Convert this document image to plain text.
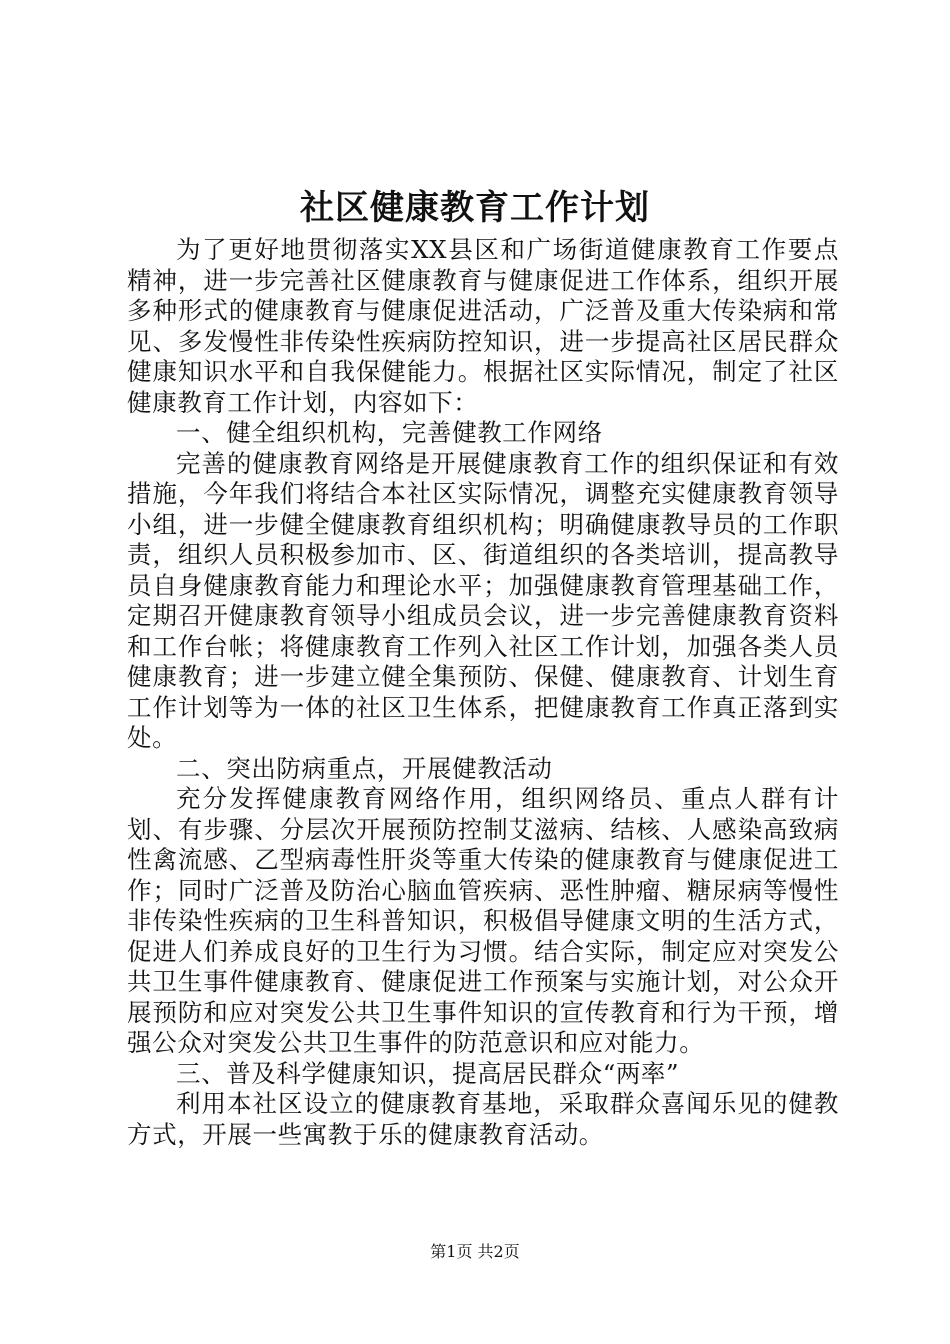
社区健康教育工作计划

为了更好地贯彻落实XX县区和广场街道健康教育工作要点精神，进一步完善社区健康教育与健康促进工作体系，组织开展多种形式的健康教育与健康促进活动，广泛普及重大传染病和常见、多发慢性非传染性疾病防控知识，进一步提高社区居民群众健康知识水平和自我保健能力。根据社区实际情况，制定了社区健康教育工作计划，内容如下：

一、健全组织机构，完善健教工作网络

完善的健康教育网络是开展健康教育工作的组织保证和有效措施，今年我们将结合本社区实际情况，调整充实健康教育领导小组，进一步健全健康教育组织机构；明确健康教导员的工作职责，组织人员积极参加市、区、街道组织的各类培训，提高教导员自身健康教育能力和理论水平；加强健康教育管理基础工作，定期召开健康教育领导小组成员会议，进一步完善健康教育资料和工作台帐；将健康教育工作列入社区工作计划，加强各类人员健康教育；进一步建立健全集预防、保健、健康教育、计划生育工作计划等为一体的社区卫生体系，把健康教育工作真正落到实处。

二、突出防病重点，开展健教活动

充分发挥健康教育网络作用，组织网络员、重点人群有计划、有步骤、分层次开展预防控制艾滋病、结核、人感染高致病性禽流感、乙型病毒性肝炎等重大传染的健康教育与健康促进工作；同时广泛普及防治心脑血管疾病、恶性肿瘤、糖尿病等慢性非传染性疾病的卫生科普知识，积极倡导健康文明的生活方式，促进人们养成良好的卫生行为习惯。结合实际，制定应对突发公共卫生事件健康教育、健康促进工作预案与实施计划，对公众开展预防和应对突发公共卫生事件知识的宣传教育和行为干预，增强公众对突发公共卫生事件的防范意识和应对能力。

三、普及科学健康知识，提高居民群众“两率”

利用本社区设立的健康教育基地，采取群众喜闻乐见的健教方式，开展一些寓教于乐的健康教育活动。

第1页 共2页
